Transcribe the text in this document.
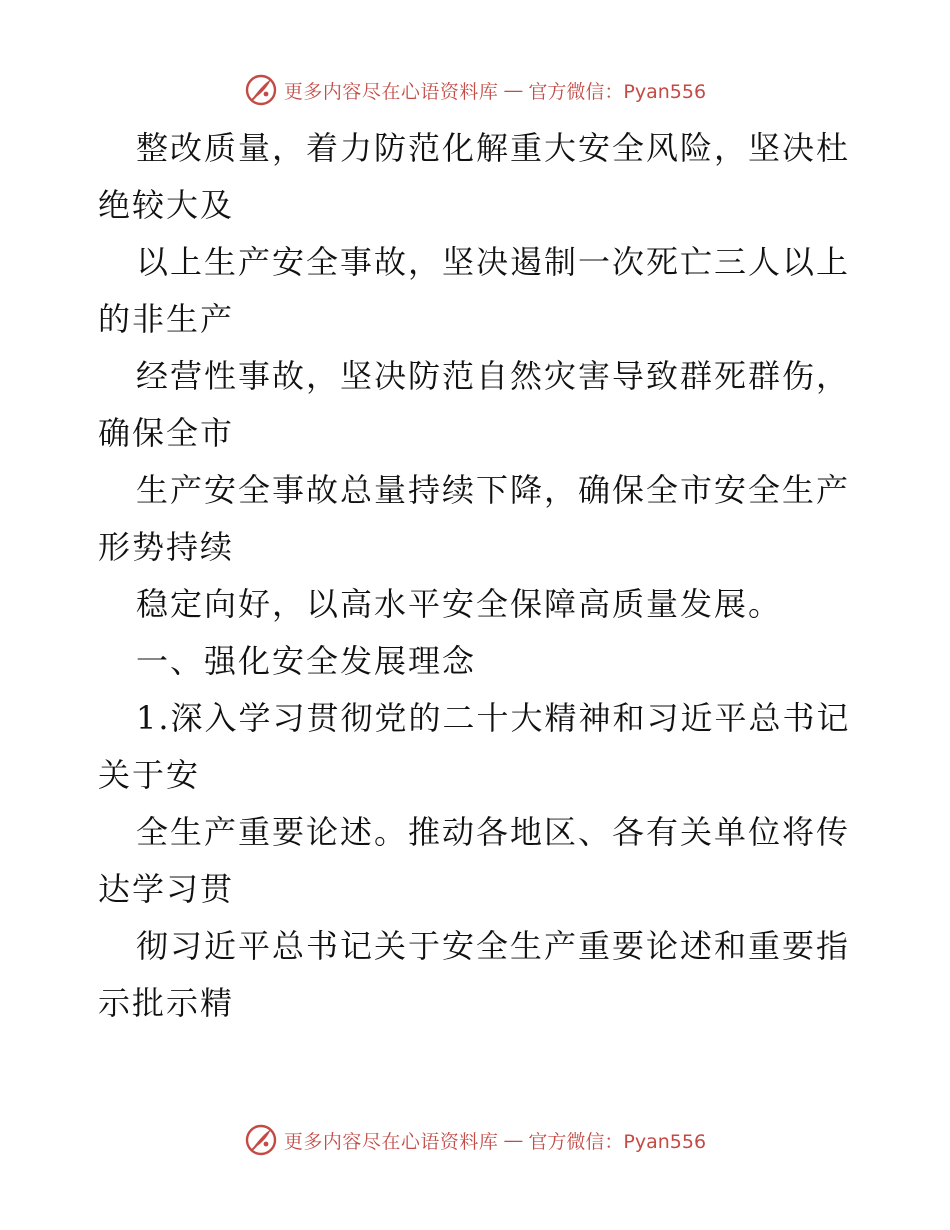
更多内容尽在心语资料库 — 官方微信：Pyan556
整改质量，着力防范化解重大安全风险，坚决杜
绝较大及
以上生产安全事故，坚决遏制一次死亡三人以上
的非生产
经营性事故，坚决防范自然灾害导致群死群伤，
确保全市
生产安全事故总量持续下降，确保全市安全生产
形势持续
稳定向好，以高水平安全保障高质量发展。
一、强化安全发展理念
1.深入学习贯彻党的二十大精神和习近平总书记
关于安
全生产重要论述。推动各地区、各有关单位将传
达学习贯
彻习近平总书记关于安全生产重要论述和重要指
示批示精
更多内容尽在心语资料库 — 官方微信：Pyan556
